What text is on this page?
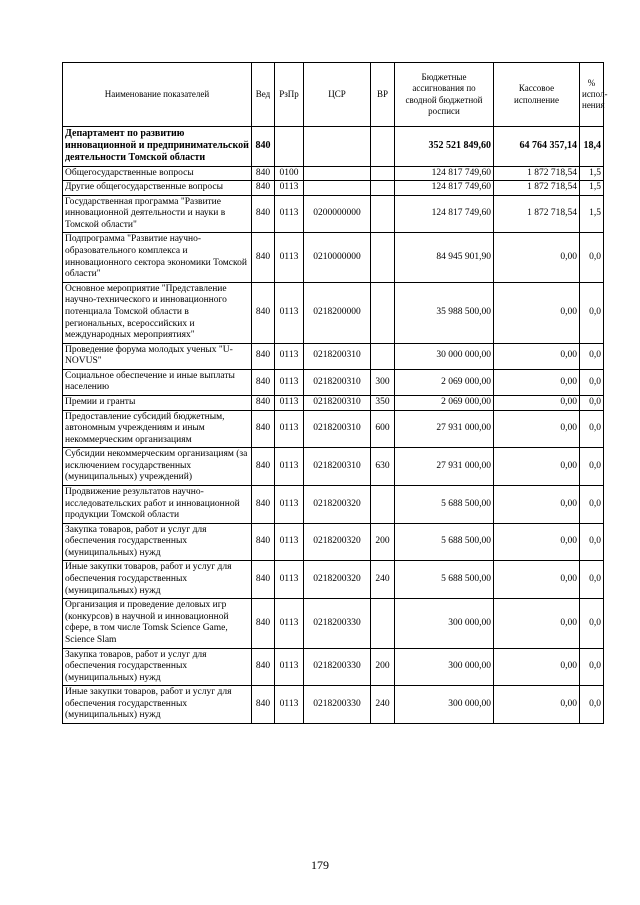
Наименование показателей	Вед	РзПр	ЦСР	ВР	Бюджетные ассигнования по сводной бюджетной росписи	Кассовое исполнение	% испол-нения
Департамент по развитию инновационной и предпринимательской деятельности Томской области	840				352 521 849,60	64 764 357,14	18,4
Общегосударственные вопросы	840	0100			124 817 749,60	1 872 718,54	1,5
Другие общегосударственные вопросы	840	0113			124 817 749,60	1 872 718,54	1,5
Государственная программа "Развитие инновационной деятельности и науки в Томской области"	840	0113	0200000000		124 817 749,60	1 872 718,54	1,5
Подпрограмма "Развитие научно-образовательного комплекса и инновационного сектора экономики Томской области"	840	0113	0210000000		84 945 901,90	0,00	0,0
Основное мероприятие "Представление научно-технического и инновационного потенциала Томской области в региональных, всероссийских и международных мероприятиях"	840	0113	0218200000		35 988 500,00	0,00	0,0
Проведение форума молодых ученых "U-NOVUS"	840	0113	0218200310		30 000 000,00	0,00	0,0
Социальное обеспечение и иные выплаты населению	840	0113	0218200310	300	2 069 000,00	0,00	0,0
Премии и гранты	840	0113	0218200310	350	2 069 000,00	0,00	0,0
Предоставление субсидий бюджетным, автономным учреждениям и иным некоммерческим организациям	840	0113	0218200310	600	27 931 000,00	0,00	0,0
Субсидии некоммерческим организациям (за исключением государственных (муниципальных) учреждений)	840	0113	0218200310	630	27 931 000,00	0,00	0,0
Продвижение результатов научно-исследовательских работ и инновационной продукции Томской области	840	0113	0218200320		5 688 500,00	0,00	0,0
Закупка товаров, работ и услуг для обеспечения государственных (муниципальных) нужд	840	0113	0218200320	200	5 688 500,00	0,00	0,0
Иные закупки товаров, работ и услуг для обеспечения государственных (муниципальных) нужд	840	0113	0218200320	240	5 688 500,00	0,00	0,0
Организация и проведение деловых игр (конкурсов) в научной и инновационной сфере, в том числе Tomsk Science Game, Science Slam	840	0113	0218200330		300 000,00	0,00	0,0
Закупка товаров, работ и услуг для обеспечения государственных (муниципальных) нужд	840	0113	0218200330	200	300 000,00	0,00	0,0
Иные закупки товаров, работ и услуг для обеспечения государственных (муниципальных) нужд	840	0113	0218200330	240	300 000,00	0,00	0,0
179
